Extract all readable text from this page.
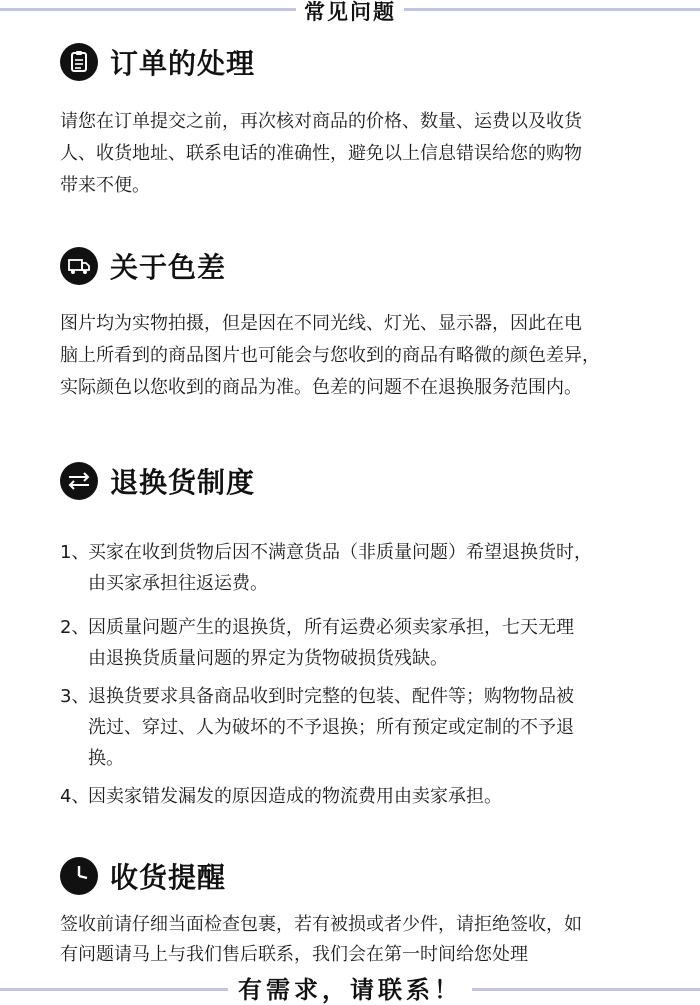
常见问题
订单的处理
请您在订单提交之前，再次核对商品的价格、数量、运费以及收货
人、收货地址、联系电话的准确性，避免以上信息错误给您的购物
带来不便。
关于色差
图片均为实物拍摄，但是因在不同光线、灯光、显示器，因此在电
脑上所看到的商品图片也可能会与您收到的商品有略微的颜色差异，
实际颜色以您收到的商品为准。色差的问题不在退换服务范围内。
退换货制度
1、
买家在收到货物后因不满意货品（非质量问题）希望退换货时，
由买家承担往返运费。
2、
因质量问题产生的退换货，所有运费必须卖家承担，七天无理
由退换货质量问题的界定为货物破损货残缺。
3、
退换货要求具备商品收到时完整的包装、配件等；购物物品被
洗过、穿过、人为破坏的不予退换；所有预定或定制的不予退
换。
4、
因卖家错发漏发的原因造成的物流费用由卖家承担。
收货提醒
签收前请仔细当面检查包裹，若有被损或者少件，请拒绝签收，如
有问题请马上与我们售后联系，我们会在第一时间给您处理
有需求，请联系！
